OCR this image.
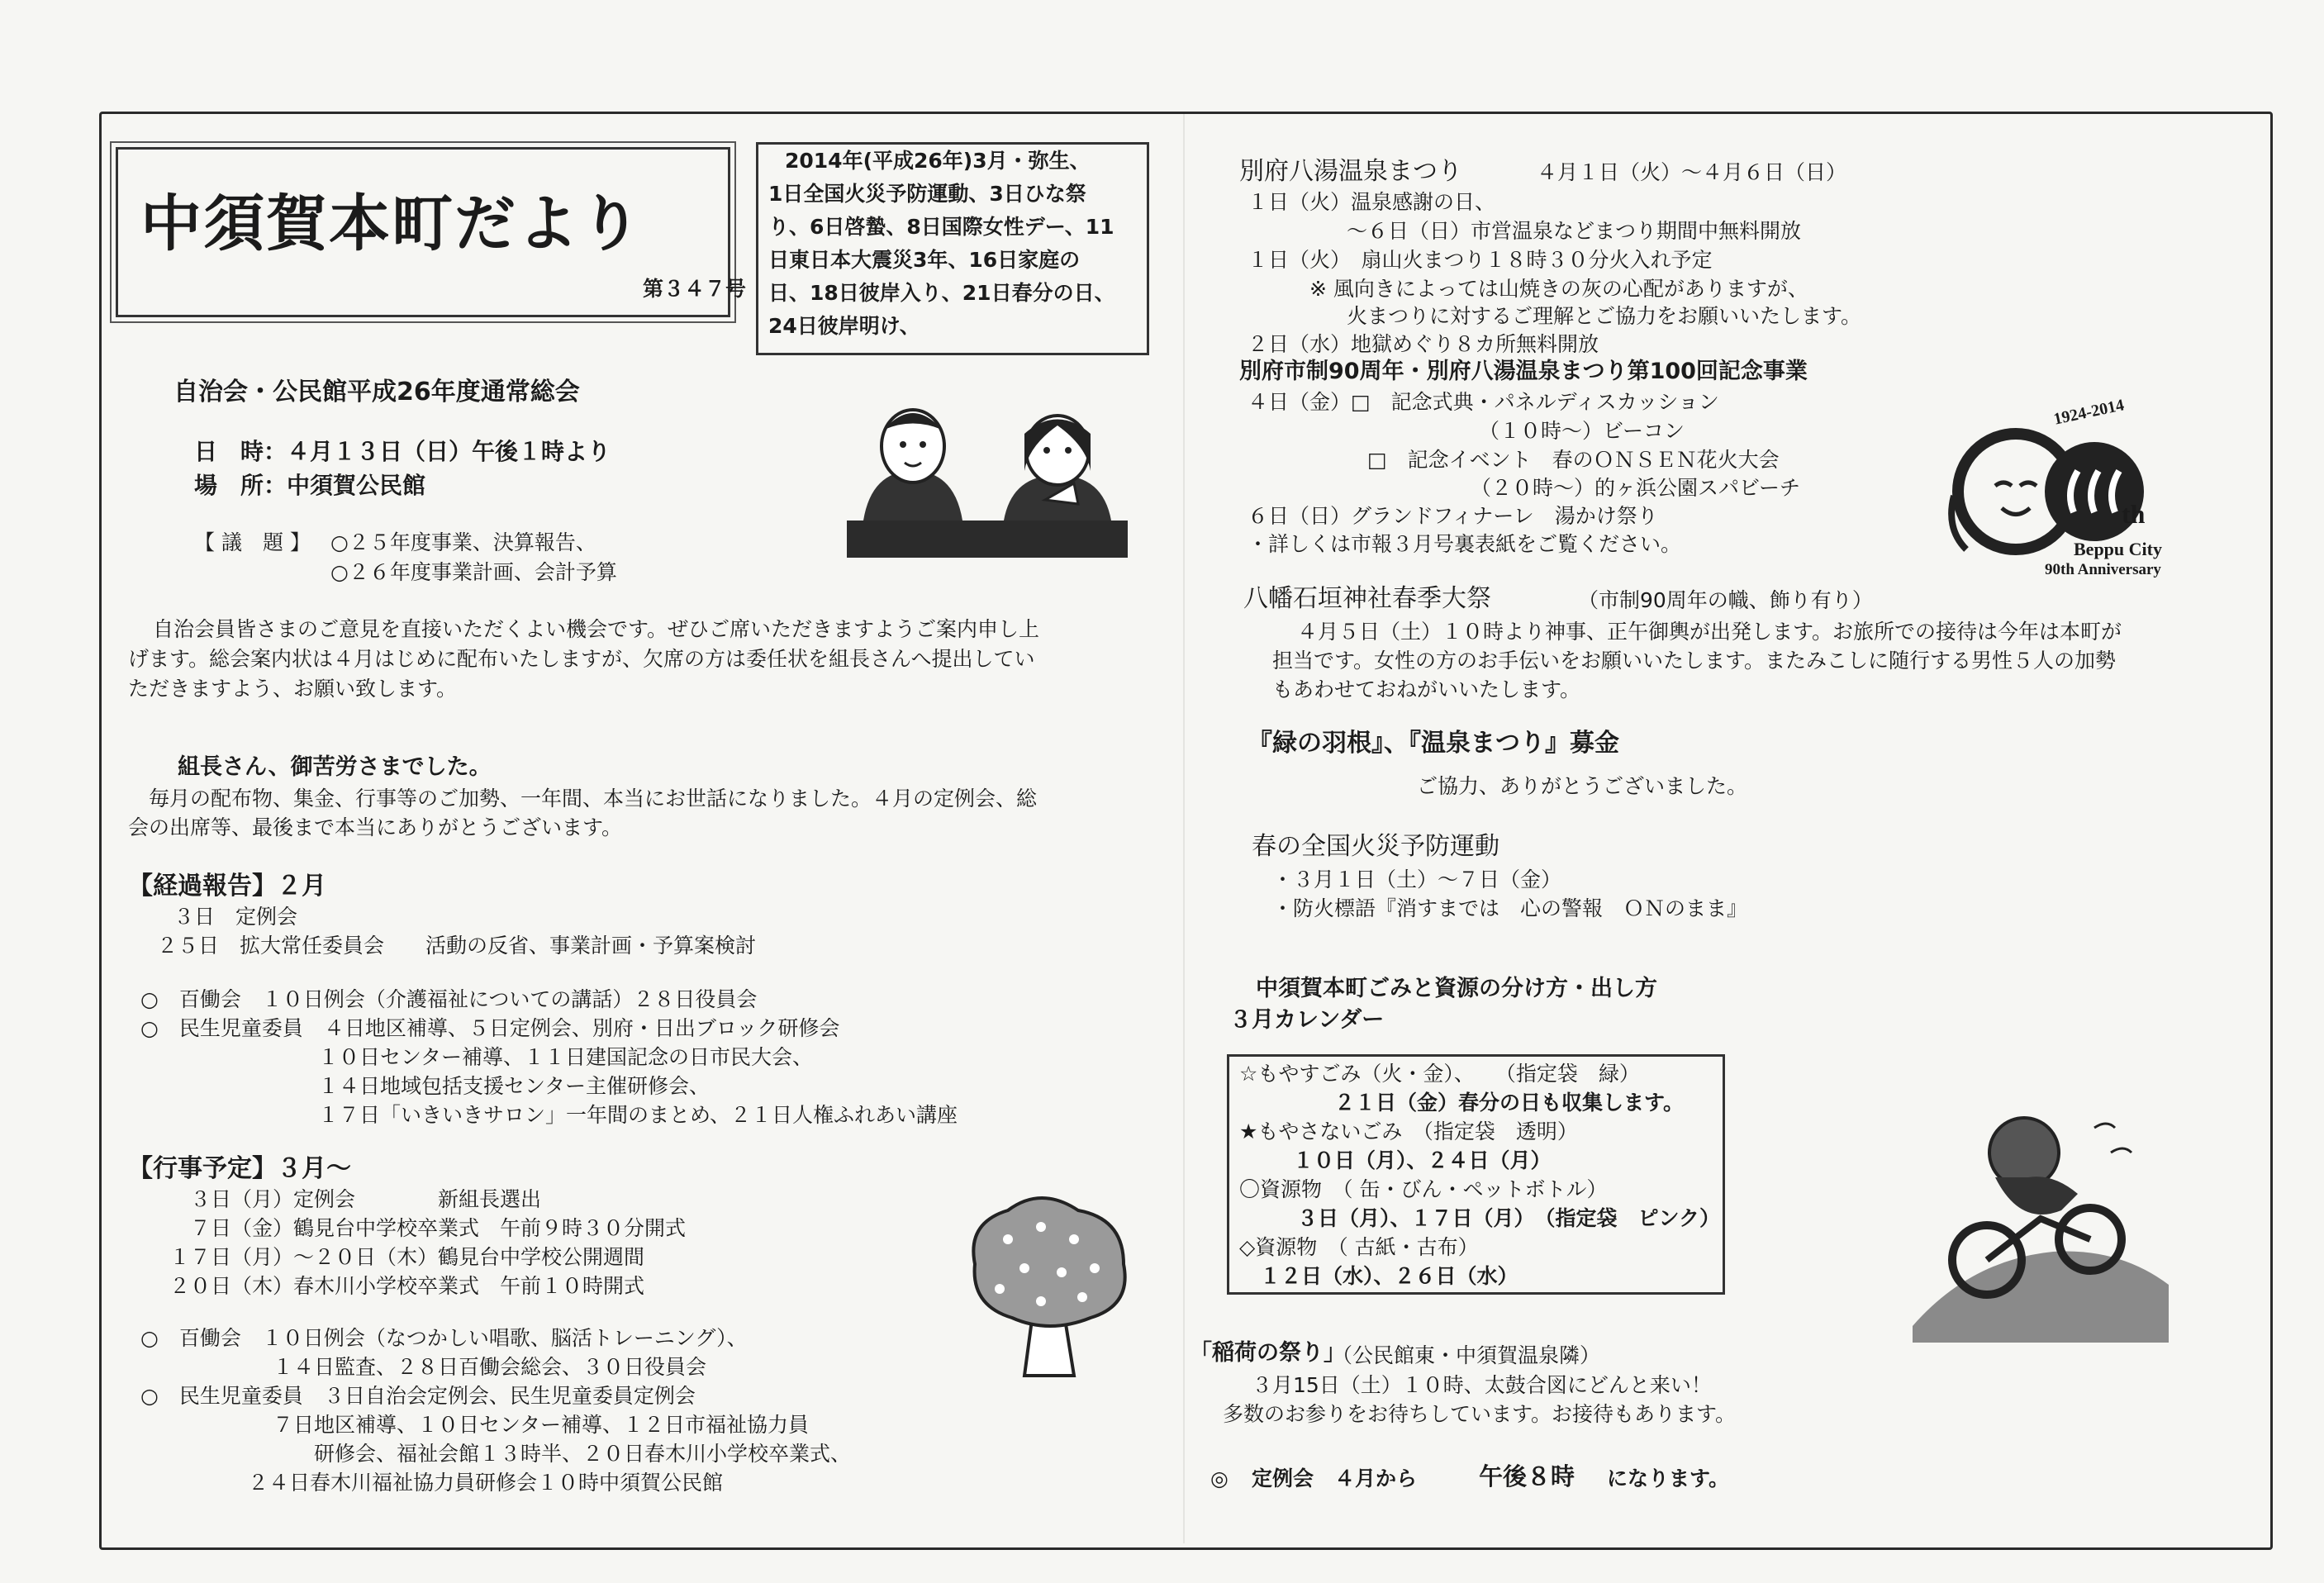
中須賀本町だより
第３４７号
2014年(平成26年)3月・弥生、
1日全国火災予防運動、3日ひな祭
り、6日啓蟄、8日国際女性デー、11
日東日本大震災3年、16日家庭の
日、18日彼岸入り、21日春分の日、
24日彼岸明け、
自治会・公民館平成26年度通常総会
日　時：４月１３日（日）午後１時より
場　所：中須賀公民館
【 議　題 】 ○２５年度事業、決算報告、
○２６年度事業計画、会計予算
自治会員皆さまのご意見を直接いただくよい機会です。ぜひご席いただきますようご案内申し上
げます。総会案内状は４月はじめに配布いたしますが、欠席の方は委任状を組長さんへ提出してい
ただきますよう、お願い致します。
組長さん、御苦労さまでした。
毎月の配布物、集金、行事等のご加勢、一年間、本当にお世話になりました。４月の定例会、総
会の出席等、最後まで本当にありがとうございます。
【経過報告】２月
３日　定例会
２５日　拡大常任委員会　　活動の反省、事業計画・予算案検討
○　百働会　１０日例会（介護福祉についての講話）２８日役員会
○　民生児童委員　４日地区補導、５日定例会、別府・日出ブロック研修会
１０日センター補導、１１日建国記念の日市民大会、
１４日地域包括支援センター主催研修会、
１７日「いきいきサロン」一年間のまとめ、２１日人権ふれあい講座
【行事予定】３月～
３日（月）定例会　　　　新組長選出
７日（金）鶴見台中学校卒業式　午前９時３０分開式
１７日（月）～２０日（木）鶴見台中学校公開週間
２０日（木）春木川小学校卒業式　午前１０時開式
○　百働会　１０日例会（なつかしい唱歌、脳活トレーニング）、
１４日監査、２８日百働会総会、３０日役員会
○　民生児童委員　３日自治会定例会、民生児童委員定例会
７日地区補導、１０日センター補導、１２日市福祉協力員
研修会、福祉会館１３時半、２０日春木川小学校卒業式、
２４日春木川福祉協力員研修会１０時中須賀公民館
別府八湯温泉まつり	４月１日（火）～４月６日（日）
１日（火）温泉感謝の日、
～６日（日）市営温泉などまつり期間中無料開放
１日（火）　扇山火まつり１８時３０分火入れ予定
※ 風向きによっては山焼きの灰の心配がありますが、
火まつりに対するご理解とご協力をお願いいたします。
２日（水）地獄めぐり８カ所無料開放
別府市制90周年・別府八湯温泉まつり第100回記念事業
４日（金）□　記念式典・パネルディスカッション
（１０時～）ビーコン
□　記念イベント　春のＯＮＳＥＮ花火大会
（２０時～）的ヶ浜公園スパビーチ
６日（日）グランドフィナーレ　湯かけ祭り
・詳しくは市報３月号裏表紙をご覧ください。
1924-2014
th
Beppu City
90th Anniversary
八幡石垣神社春季大祭	（市制90周年の幟、飾り有り）
４月５日（土）１０時より神事、正午御輿が出発します。お旅所での接待は今年は本町が
担当です。女性の方のお手伝いをお願いいたします。またみこしに随行する男性５人の加勢
もあわせておねがいいたします。
『緑の羽根』、『温泉まつり』募金
ご協力、ありがとうございました。
春の全国火災予防運動
・３月１日（土）～７日（金）
・防火標語『消すまでは　心の警報　ＯＮのまま』
中須賀本町ごみと資源の分け方・出し方
３月カレンダー
☆もやすごみ（火・金）、　　（指定袋　緑）
２１日（金）春分の日も収集します。
★もやさないごみ　（指定袋　透明）
１０日（月）、２４日（月）
〇資源物　（ 缶・びん・ペットボトル）
３日（月）、１７日（月）　（指定袋　ピンク）
◇資源物　（ 古紙・古布）
１２日（水）、２６日（水）
「稲荷の祭り」
（公民館東・中須賀温泉隣）
３月15日（土）１０時、太鼓合図にどんと来い！
多数のお参りをお待ちしています。お接待もあります。
◎ 定例会　４月から	午後８時 になります。
